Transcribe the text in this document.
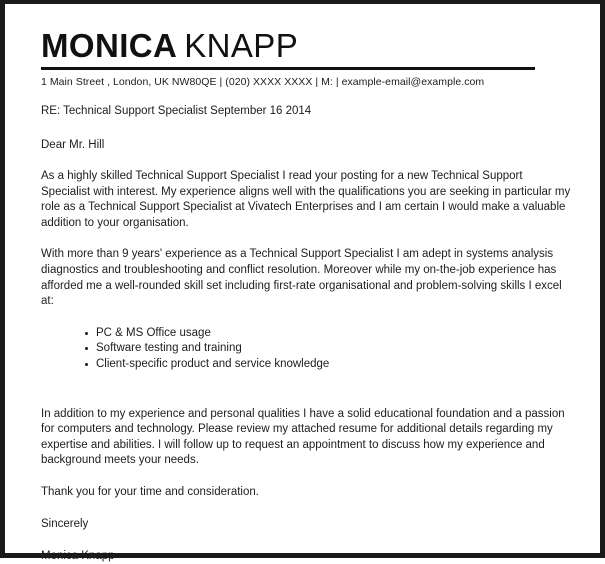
MONICA KNAPP
1 Main Street , London, UK NW80QE | (020) XXXX XXXX | M: | example-email@example.com
RE: Technical Support Specialist September 16 2014
Dear Mr. Hill

As a highly skilled Technical Support Specialist I read your posting for a new Technical Support Specialist with interest. My experience aligns well with the qualifications you are seeking in particular my role as a Technical Support Specialist at Vivatech Enterprises and I am certain I would make a valuable addition to your organisation.

With more than 9 years' experience as a Technical Support Specialist I am adept in systems analysis diagnostics and troubleshooting and conflict resolution. Moreover while my on-the-job experience has afforded me a well-rounded skill set including first-rate organisational and problem-solving skills I excel at:

PC & MS Office usage
Software testing and training
Client-specific product and service knowledge

In addition to my experience and personal qualities I have a solid educational foundation and a passion for computers and technology. Please review my attached resume for additional details regarding my expertise and abilities. I will follow up to request an appointment to discuss how my experience and background meets your needs.

Thank you for your time and consideration.

Sincerely

Monica Knapp
